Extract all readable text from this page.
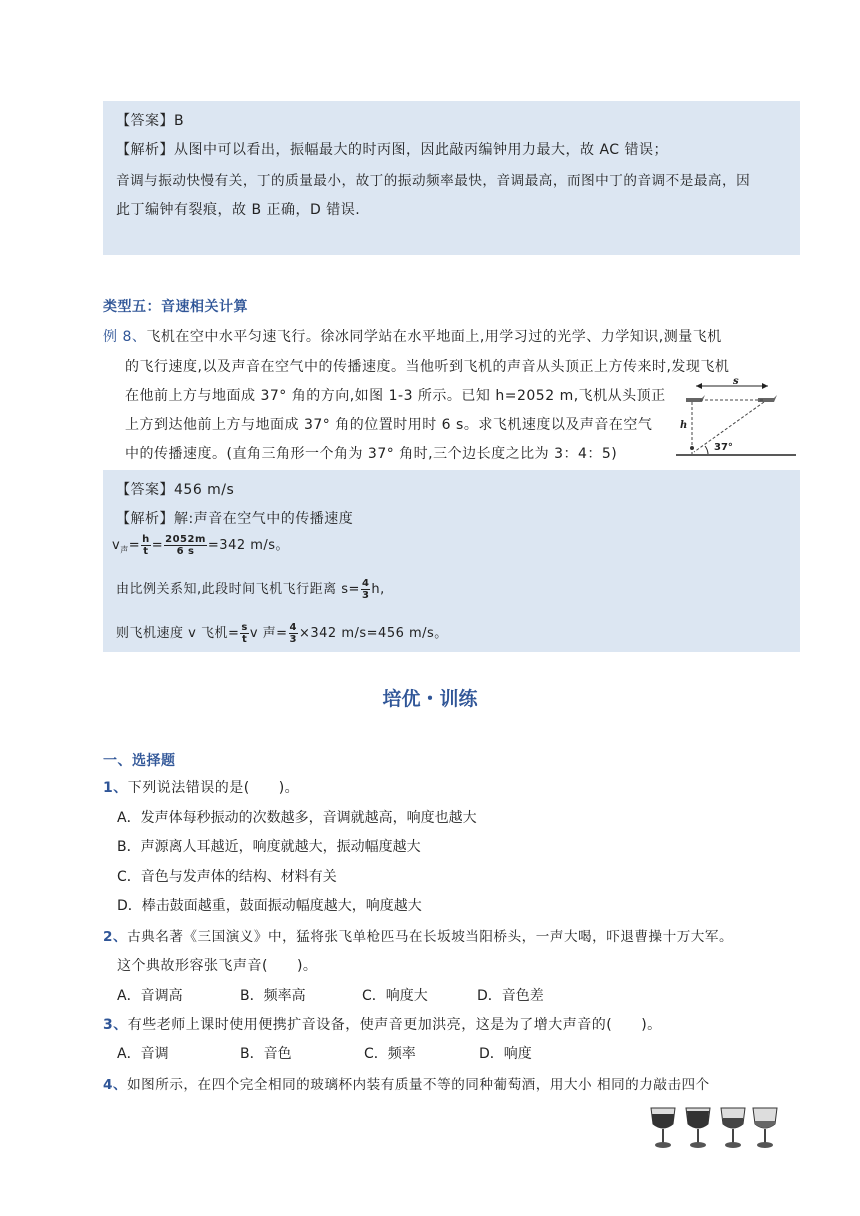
【答案】B
【解析】从图中可以看出，振幅最大的时丙图，因此敲丙编钟用力最大，故 AC 错误；
音调与振动快慢有关，丁的质量最小，故丁的振动频率最快，音调最高，而图中丁的音调不是最高，因
此丁编钟有裂痕，故 B 正确，D 错误.
类型五：音速相关计算
例 8、飞机在空中水平匀速飞行。徐冰同学站在水平地面上,用学习过的光学、力学知识,测量飞机
的飞行速度,以及声音在空气中的传播速度。当他听到飞机的声音从头顶正上方传来时,发现飞机
在他前上方与地面成 37° 角的方向,如图 1-3 所示。已知 h=2052 m,飞机从头顶正
上方到达他前上方与地面成 37° 角的位置时用时 6 s。求飞机速度以及声音在空气
中的传播速度。(直角三角形一个角为 37° 角时,三个边长度之比为 3：4：5)
s
h
37°
【答案】456 m/s
【解析】解:声音在空气中的传播速度
$v_声= \frac{h}{t} = \frac{2052m}{6 s} =342$ m/s。
由比例关系知,此段时间飞机飞行距离 $s= \frac{4}{3} h$,
则飞机速度 v 飞机= $\frac{s}{t}$ v 声= $\frac{4}{3} \times 342$ m/s=456 m/s。
培优・训练
一、选择题
1、下列说法错误的是(　　)。
A．发声体每秒振动的次数越多，音调就越高，响度也越大
B．声源离人耳越近，响度就越大，振动幅度越大
C．音色与发声体的结构、材料有关
D．棒击鼓面越重，鼓面振动幅度越大，响度越大
2、古典名著《三国演义》中，猛将张飞单枪匹马在长坂坡当阳桥头，一声大喝，吓退曹操十万大军。
这个典故形容张飞声音(　　)。
A．音调高	B．频率高	C．响度大	D．音色差
3、有些老师上课时使用便携扩音设备，使声音更加洪亮，这是为了增大声音的(　　)。
A．音调	B．音色	C．频率	D．响度
4、如图所示，在四个完全相同的玻璃杯内装有质量不等的同种葡萄酒，用大小 相同的力敲击四个
